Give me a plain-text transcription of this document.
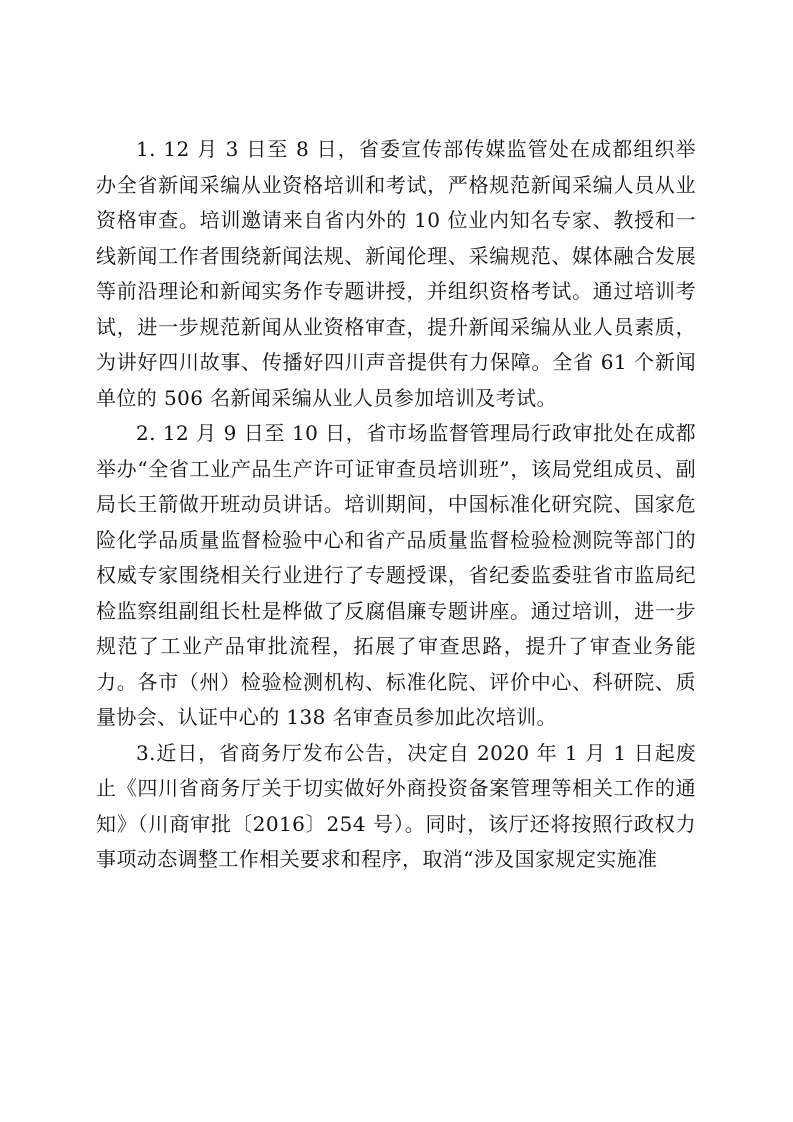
1. 12 月 3 日至 8 日，省委宣传部传媒监管处在成都组织举办全省新闻采编从业资格培训和考试，严格规范新闻采编人员从业资格审查。培训邀请来自省内外的 10 位业内知名专家、教授和一线新闻工作者围绕新闻法规、新闻伦理、采编规范、媒体融合发展等前沿理论和新闻实务作专题讲授，并组织资格考试。通过培训考试，进一步规范新闻从业资格审查，提升新闻采编从业人员素质，为讲好四川故事、传播好四川声音提供有力保障。全省 61 个新闻单位的 506 名新闻采编从业人员参加培训及考试。

2. 12 月 9 日至 10 日，省市场监督管理局行政审批处在成都举办“全省工业产品生产许可证审查员培训班”，该局党组成员、副局长王箭做开班动员讲话。培训期间，中国标准化研究院、国家危险化学品质量监督检验中心和省产品质量监督检验检测院等部门的权威专家围绕相关行业进行了专题授课，省纪委监委驻省市监局纪检监察组副组长杜是桦做了反腐倡廉专题讲座。通过培训，进一步规范了工业产品审批流程，拓展了审查思路，提升了审查业务能力。各市（州）检验检测机构、标准化院、评价中心、科研院、质量协会、认证中心的 138 名审查员参加此次培训。

3.近日，省商务厅发布公告，决定自 2020 年 1 月 1 日起废止《四川省商务厅关于切实做好外商投资备案管理等相关工作的通知》（川商审批〔2016〕254 号）。同时，该厅还将按照行政权力事项动态调整工作相关要求和程序，取消“涉及国家规定实施准
